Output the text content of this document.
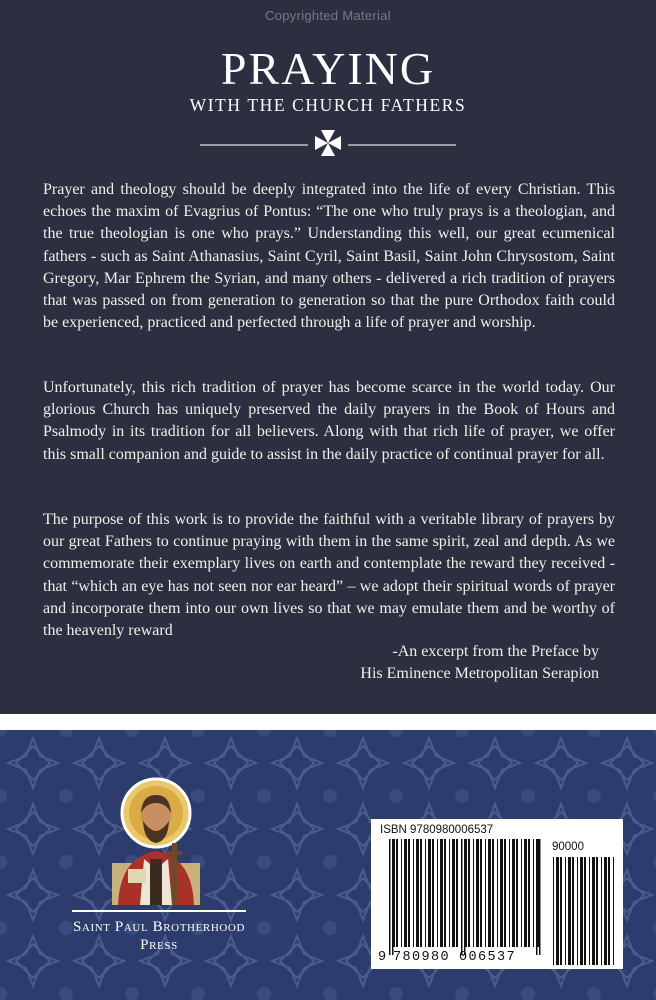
Copyrighted Material
PRAYING
WITH THE CHURCH FATHERS

Prayer and theology should be deeply integrated into the life of every Christian. This echoes the maxim of Evagrius of Pontus: “The one who truly prays is a theologian, and the true theologian is one who prays.” Understanding this well, our great ecumenical fathers - such as Saint Athanasius, Saint Cyril, Saint Basil, Saint John Chrysostom, Saint Gregory, Mar Ephrem the Syrian, and many others - delivered a rich tradition of prayers that was passed on from generation to generation so that the pure Orthodox faith could be experienced, practiced and perfected through a life of prayer and worship.

Unfortunately, this rich tradition of prayer has become scarce in the world today. Our glorious Church has uniquely preserved the daily prayers in the Book of Hours and Psalmody in its tradition for all believers. Along with that rich life of prayer, we offer this small companion and guide to assist in the daily practice of continual prayer for all.

The purpose of this work is to provide the faithful with a veritable library of prayers by our great Fathers to continue praying with them in the same spirit, zeal and depth. As we commemorate their exemplary lives on earth and contemplate the reward they received - that “which an eye has not seen nor ear heard” – we adopt their spiritual words of prayer and incorporate them into our own lives so that we may emulate them and be worthy of the heavenly reward

-An excerpt from the Preface by
His Eminence Metropolitan Serapion
Saint Paul Brotherhood
Press
ISBN 9780980006537
90000
9 780980 006537
